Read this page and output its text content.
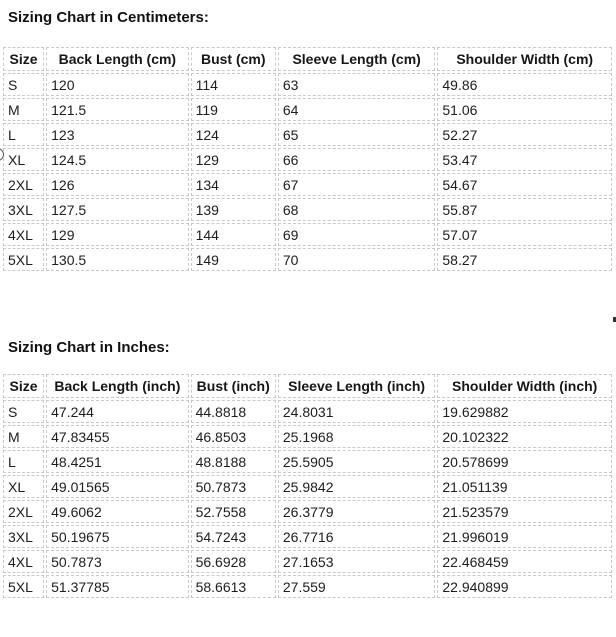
Sizing Chart in Centimeters:
Size	Back Length (cm)	Bust (cm)	Sleeve Length (cm)	Shoulder Width (cm)
S	120	114	63	49.86
M	121.5	119	64	51.06
L	123	124	65	52.27
XL	124.5	129	66	53.47
2XL	126	134	67	54.67
3XL	127.5	139	68	55.87
4XL	129	144	69	57.07
5XL	130.5	149	70	58.27
Sizing Chart in Inches:
Size	Back Length (inch)	Bust (inch)	Sleeve Length (inch)	Shoulder Width (inch)
S	47.244	44.8818	24.8031	19.629882
M	47.83455	46.8503	25.1968	20.102322
L	48.4251	48.8188	25.5905	20.578699
XL	49.01565	50.7873	25.9842	21.051139
2XL	49.6062	52.7558	26.3779	21.523579
3XL	50.19675	54.7243	26.7716	21.996019
4XL	50.7873	56.6928	27.1653	22.468459
5XL	51.37785	58.6613	27.559	22.940899
